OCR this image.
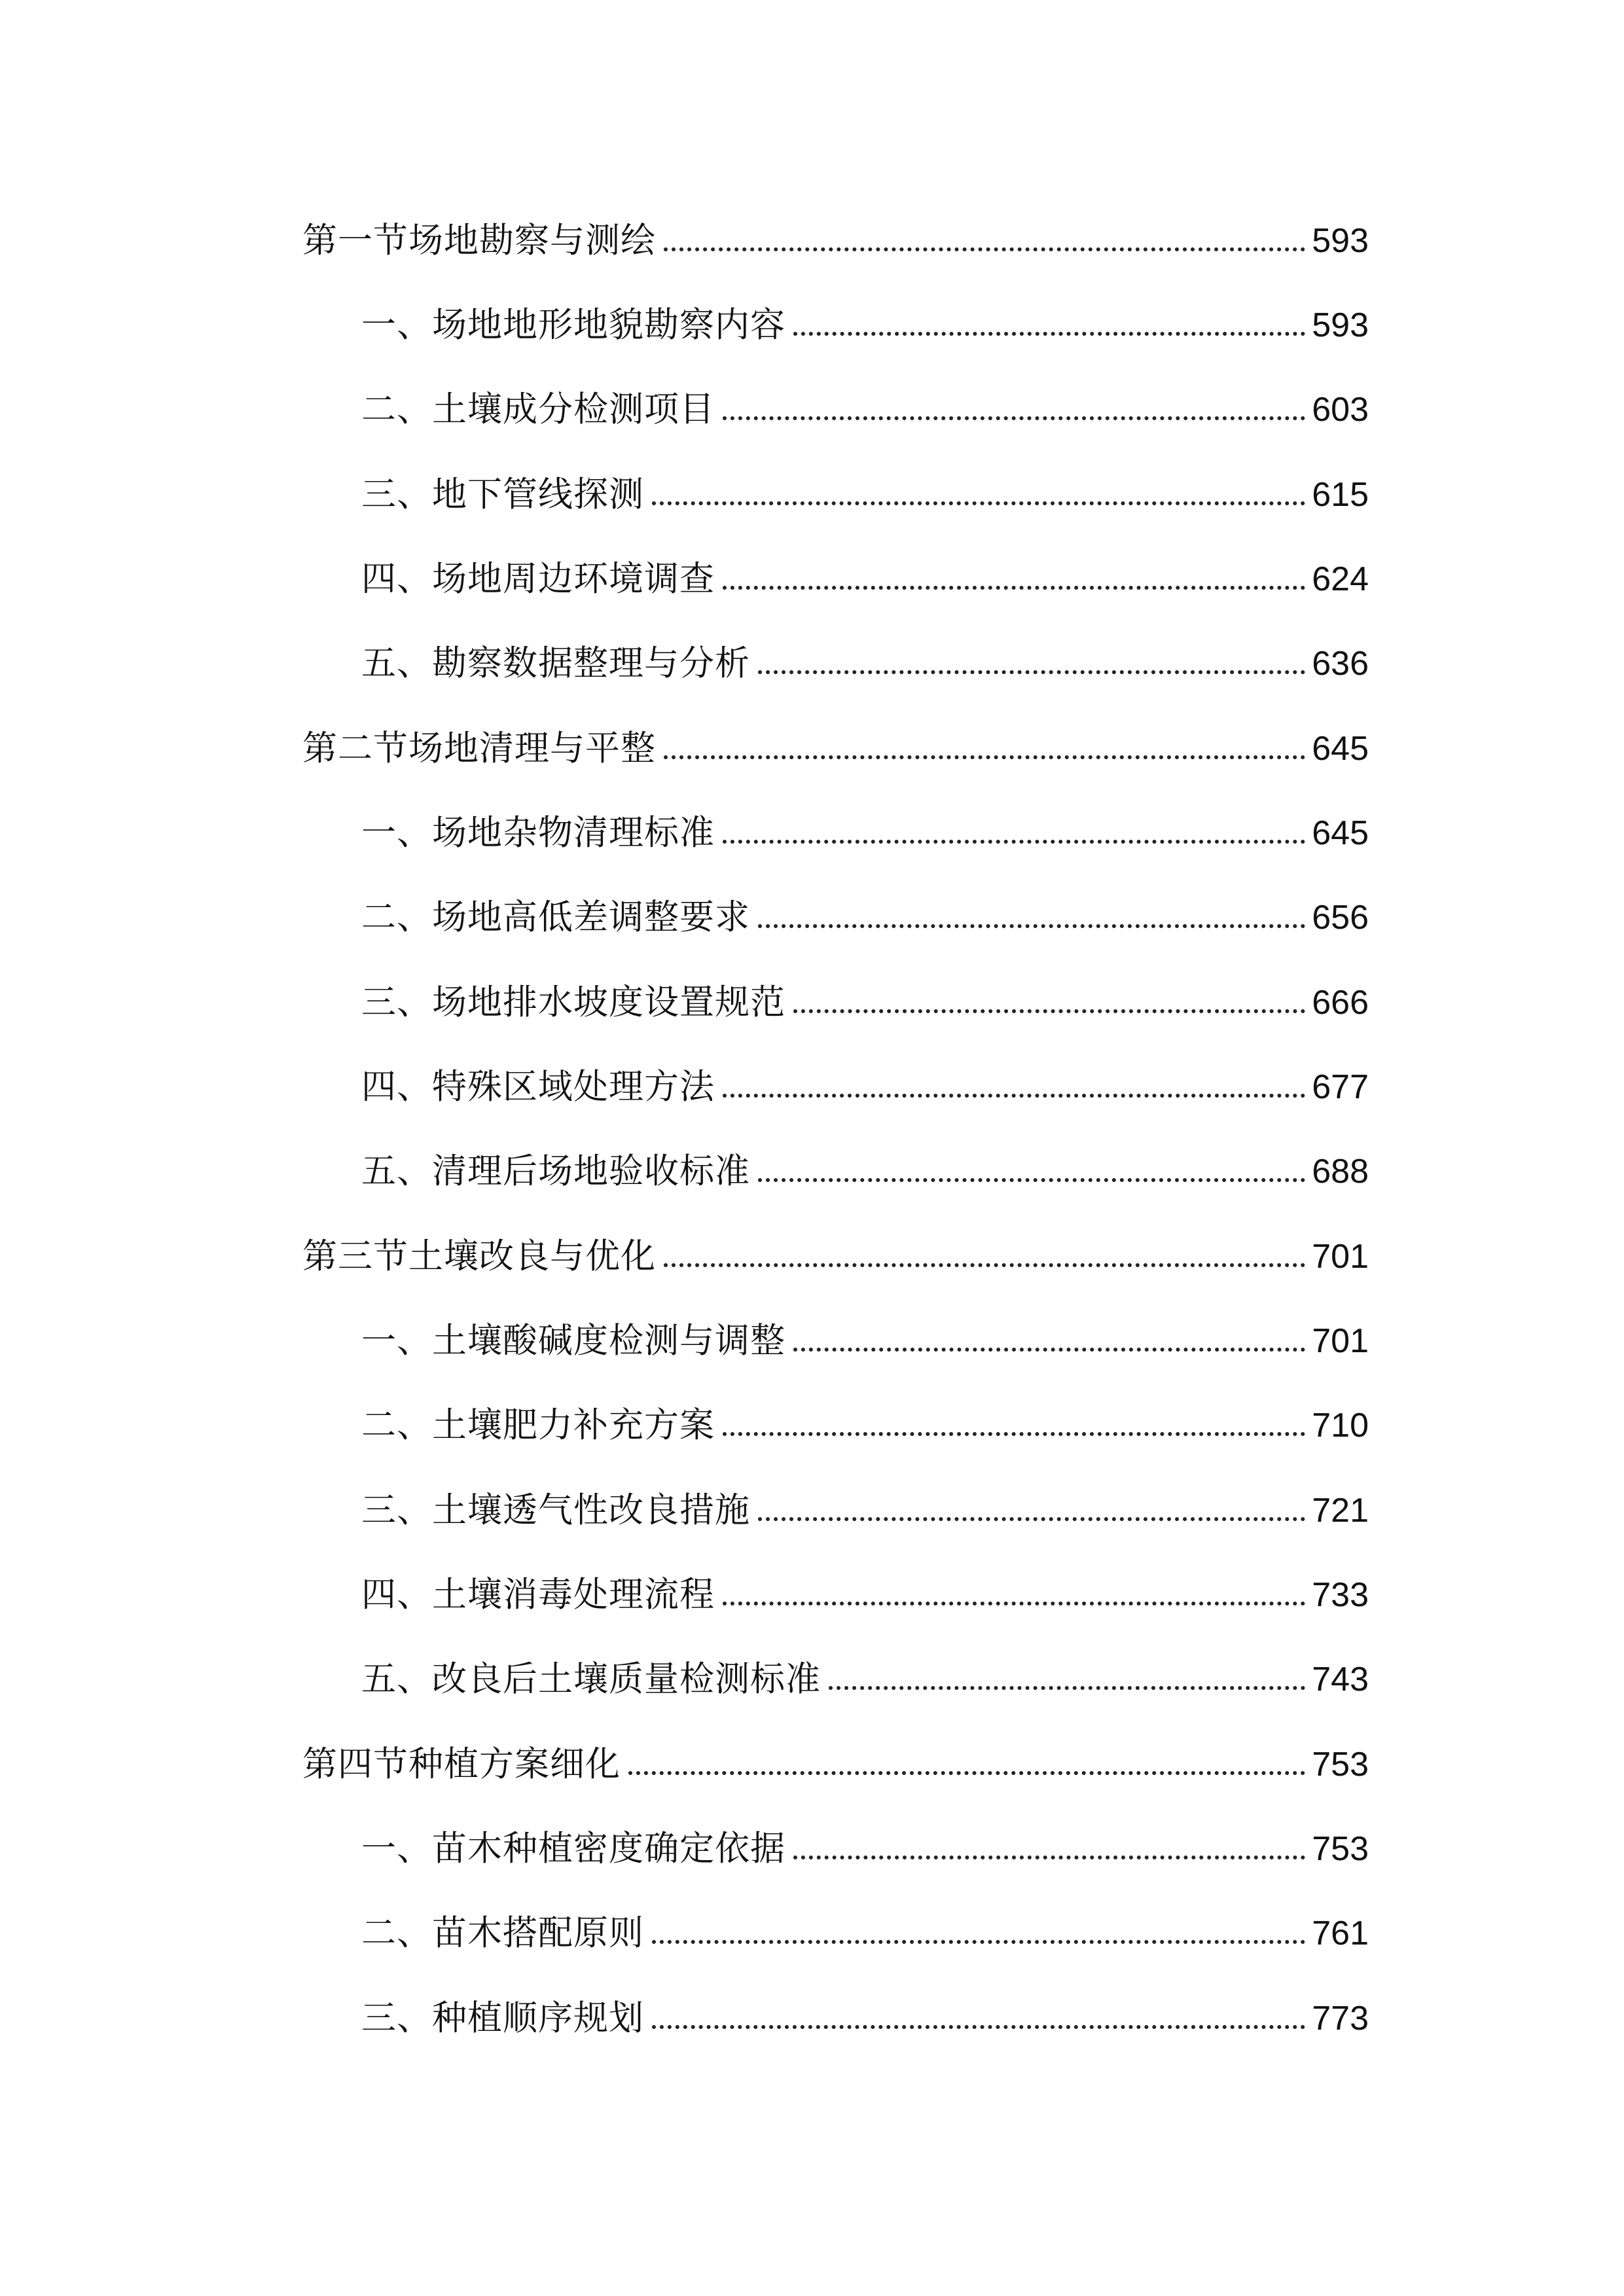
第一节场地勘察与测绘	593
一、场地地形地貌勘察内容	593
二、土壤成分检测项目	603
三、地下管线探测	615
四、场地周边环境调查	624
五、勘察数据整理与分析	636
第二节场地清理与平整	645
一、场地杂物清理标准	645
二、场地高低差调整要求	656
三、场地排水坡度设置规范	666
四、特殊区域处理方法	677
五、清理后场地验收标准	688
第三节土壤改良与优化	701
一、土壤酸碱度检测与调整	701
二、土壤肥力补充方案	710
三、土壤透气性改良措施	721
四、土壤消毒处理流程	733
五、改良后土壤质量检测标准	743
第四节种植方案细化	753
一、苗木种植密度确定依据	753
二、苗木搭配原则	761
三、种植顺序规划	773
